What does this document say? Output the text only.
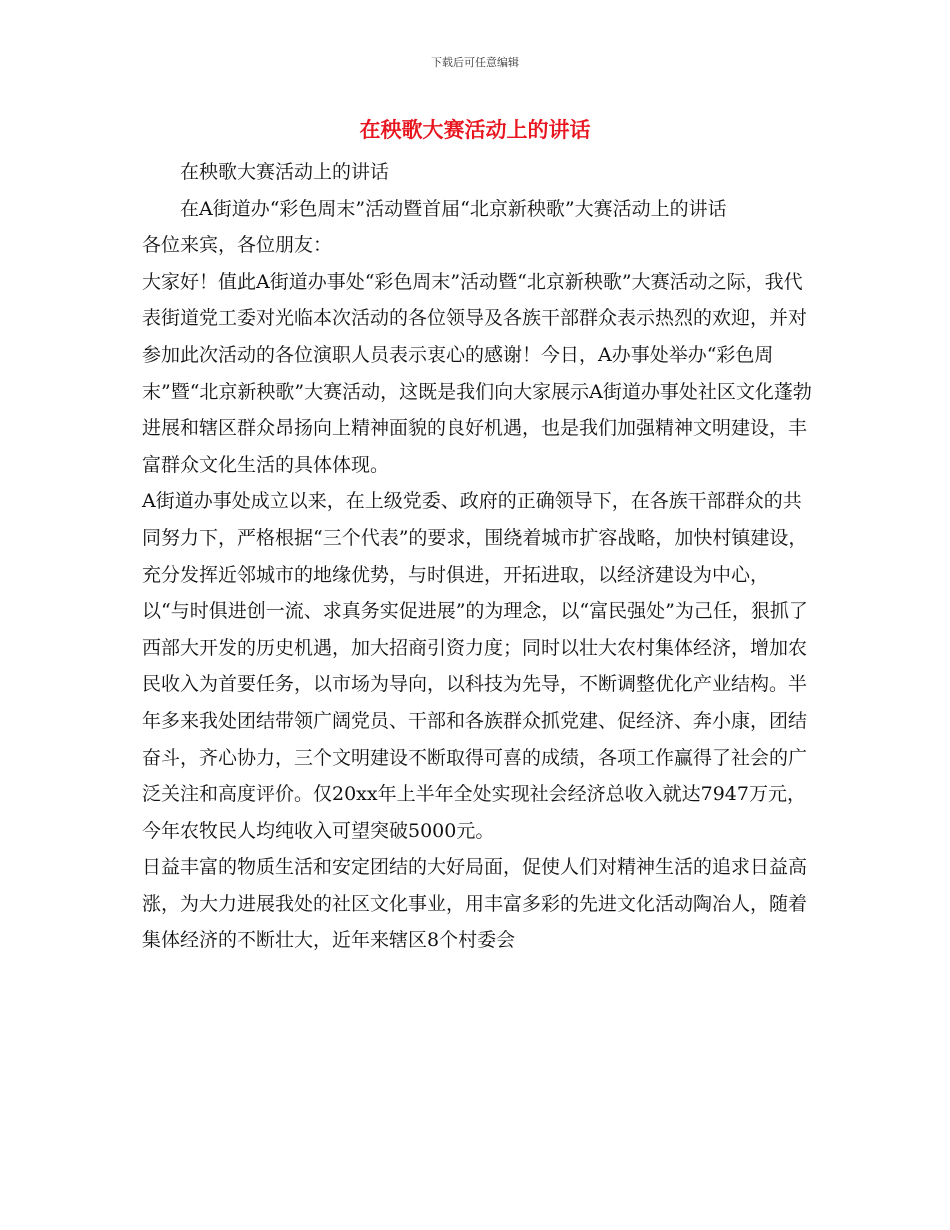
下载后可任意编辑
在秧歌大赛活动上的讲话

在秧歌大赛活动上的讲话

在A街道办“彩色周末”活动暨首届“北京新秧歌”大赛活动上的讲话

各位来宾，各位朋友：

大家好！值此A街道办事处“彩色周末”活动暨“北京新秧歌”大赛活动之际，我代表街道党工委对光临本次活动的各位领导及各族干部群众表示热烈的欢迎，并对参加此次活动的各位演职人员表示衷心的感谢！今日，A办事处举办“彩色周末”暨“北京新秧歌”大赛活动，这既是我们向大家展示A街道办事处社区文化蓬勃进展和辖区群众昂扬向上精神面貌的良好机遇，也是我们加强精神文明建设，丰富群众文化生活的具体体现。

A街道办事处成立以来，在上级党委、政府的正确领导下，在各族干部群众的共同努力下，严格根据“三个代表”的要求，围绕着城市扩容战略，加快村镇建设，充分发挥近邻城市的地缘优势，与时俱进，开拓进取，以经济建设为中心，以“与时俱进创一流、求真务实促进展”的为理念，以“富民强处”为己任，狠抓了西部大开发的历史机遇，加大招商引资力度；同时以壮大农村集体经济，增加农民收入为首要任务，以市场为导向，以科技为先导，不断调整优化产业结构。半年多来我处团结带领广阔党员、干部和各族群众抓党建、促经济、奔小康，团结奋斗，齐心协力，三个文明建设不断取得可喜的成绩，各项工作赢得了社会的广泛关注和高度评价。仅20xx年上半年全处实现社会经济总收入就达7947万元，今年农牧民人均纯收入可望突破5000元。

日益丰富的物质生活和安定团结的大好局面，促使人们对精神生活的追求日益高涨，为大力进展我处的社区文化事业，用丰富多彩的先进文化活动陶冶人，随着集体经济的不断壮大，近年来辖区8个村委会
